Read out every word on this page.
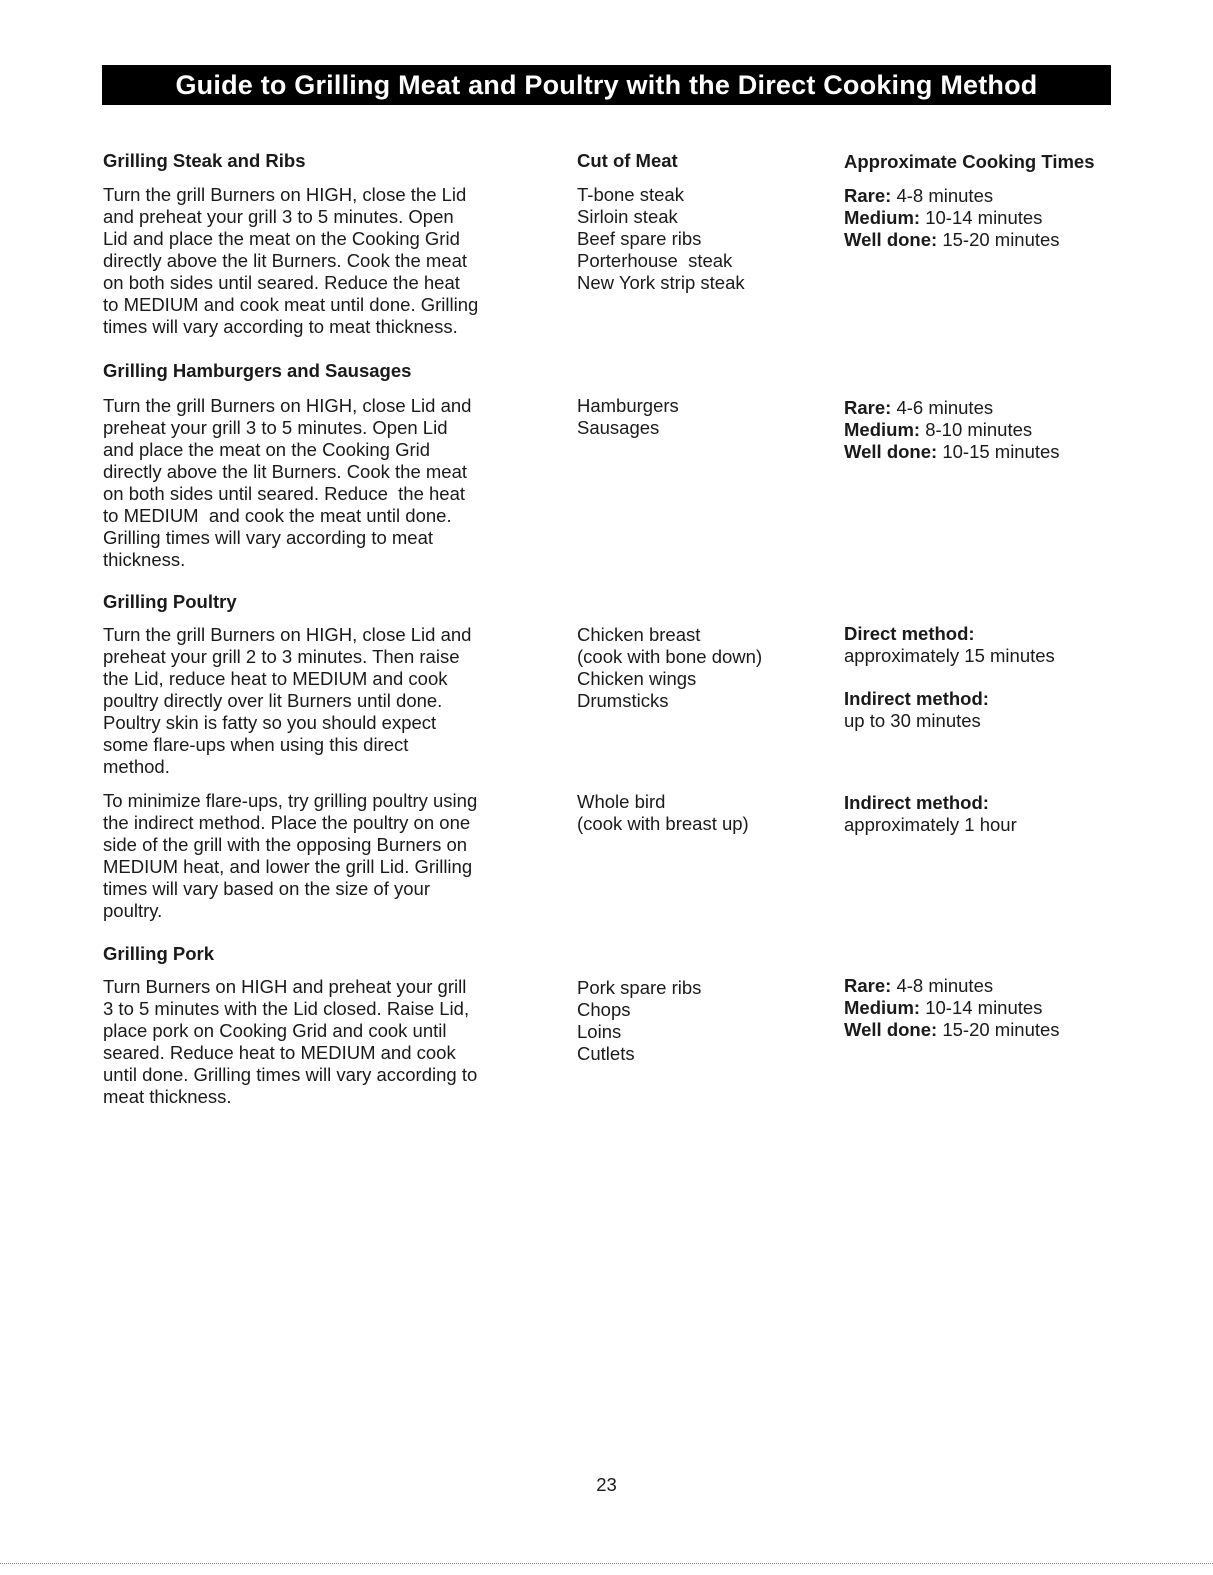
Guide to Grilling Meat and Poultry with the Direct Cooking Method
Cut of Meat	Approximate Cooking Times
Grilling Steak and Ribs
Turn the grill Burners on HIGH, close the Lid
and preheat your grill 3 to 5 minutes. Open
Lid and place the meat on the Cooking Grid
directly above the lit Burners. Cook the meat
on both sides until seared. Reduce the heat
to MEDIUM and cook meat until done. Grilling
times will vary according to meat thickness.
T-bone steak
Sirloin steak
Beef spare ribs
Porterhouse  steak
New York strip steak
Rare: 4-8 minutes
Medium: 10-14 minutes
Well done: 15-20 minutes
Grilling Hamburgers and Sausages
Turn the grill Burners on HIGH, close Lid and
preheat your grill 3 to 5 minutes. Open Lid
and place the meat on the Cooking Grid
directly above the lit Burners. Cook the meat
on both sides until seared. Reduce  the heat
to MEDIUM  and cook the meat until done.
Grilling times will vary according to meat
thickness.
Hamburgers
Sausages
Rare: 4-6 minutes
Medium: 8-10 minutes
Well done: 10-15 minutes
Grilling Poultry
Turn the grill Burners on HIGH, close Lid and
preheat your grill 2 to 3 minutes. Then raise
the Lid, reduce heat to MEDIUM and cook
poultry directly over lit Burners until done.
Poultry skin is fatty so you should expect
some flare-ups when using this direct
method.
Chicken breast
(cook with bone down)
Chicken wings
Drumsticks
Direct method:
approximately 15 minutes
Indirect method:
up to 30 minutes
To minimize flare-ups, try grilling poultry using
the indirect method. Place the poultry on one
side of the grill with the opposing Burners on
MEDIUM heat, and lower the grill Lid. Grilling
times will vary based on the size of your
poultry.
Whole bird
(cook with breast up)
Indirect method:
approximately 1 hour
Grilling Pork
Turn Burners on HIGH and preheat your grill
3 to 5 minutes with the Lid closed. Raise Lid,
place pork on Cooking Grid and cook until
seared. Reduce heat to MEDIUM and cook
until done. Grilling times will vary according to
meat thickness.
Pork spare ribs
Chops
Loins
Cutlets
Rare: 4-8 minutes
Medium: 10-14 minutes
Well done: 15-20 minutes
23
